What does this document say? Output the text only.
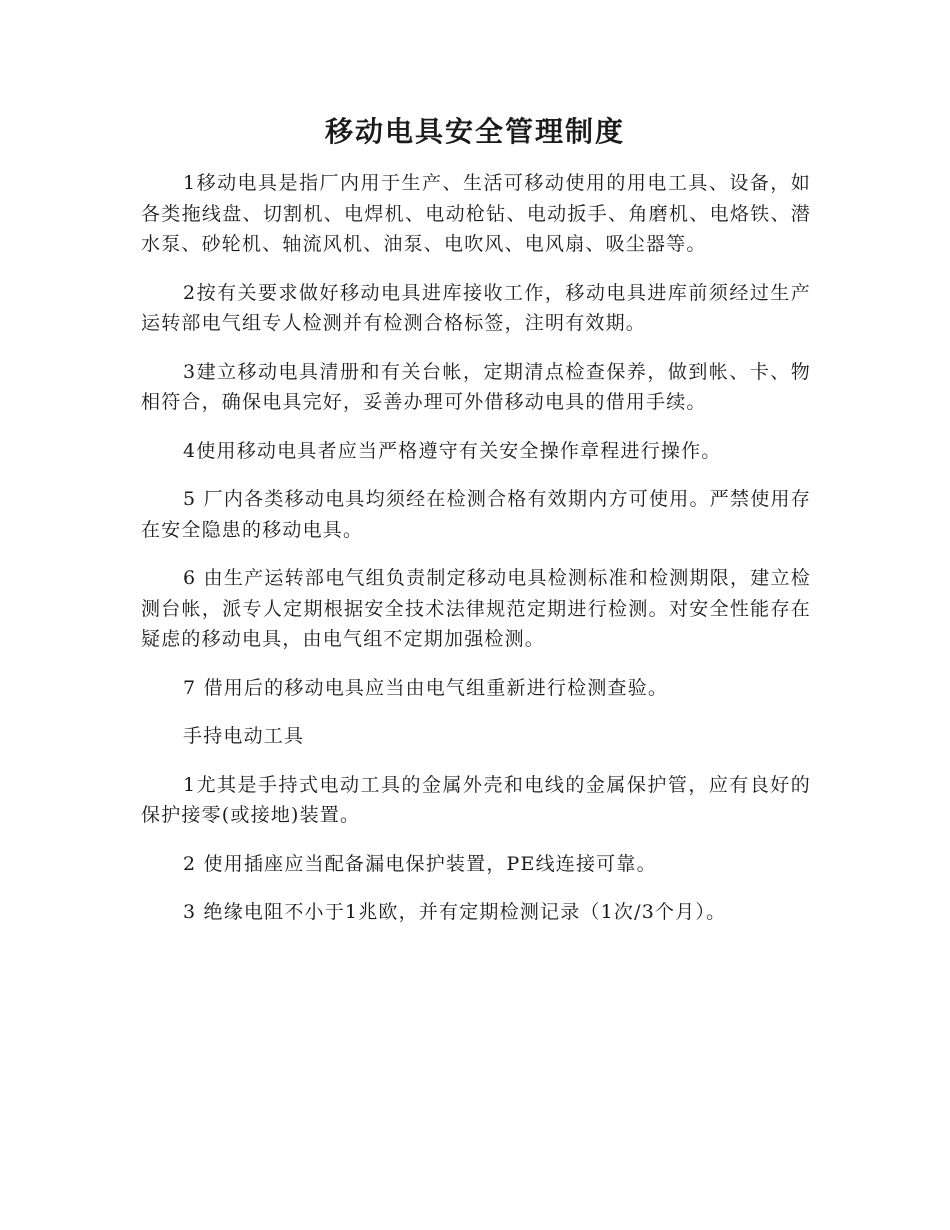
移动电具安全管理制度

1移动电具是指厂内用于生产、生活可移动使用的用电工具、设备，如各类拖线盘、切割机、电焊机、电动枪钻、电动扳手、角磨机、电烙铁、潜水泵、砂轮机、轴流风机、油泵、电吹风、电风扇、吸尘器等。

2按有关要求做好移动电具进库接收工作，移动电具进库前须经过生产运转部电气组专人检测并有检测合格标签，注明有效期。

3建立移动电具清册和有关台帐，定期清点检查保养，做到帐、卡、物相符合，确保电具完好，妥善办理可外借移动电具的借用手续。

4使用移动电具者应当严格遵守有关安全操作章程进行操作。

5 厂内各类移动电具均须经在检测合格有效期内方可使用。严禁使用存在安全隐患的移动电具。

6 由生产运转部电气组负责制定移动电具检测标准和检测期限，建立检测台帐，派专人定期根据安全技术法律规范定期进行检测。对安全性能存在疑虑的移动电具，由电气组不定期加强检测。

7 借用后的移动电具应当由电气组重新进行检测查验。

手持电动工具

1尤其是手持式电动工具的金属外壳和电线的金属保护管，应有良好的保护接零(或接地)装置。

2 使用插座应当配备漏电保护装置，PE线连接可靠。

3 绝缘电阻不小于1兆欧，并有定期检测记录（1次/3个月）。
